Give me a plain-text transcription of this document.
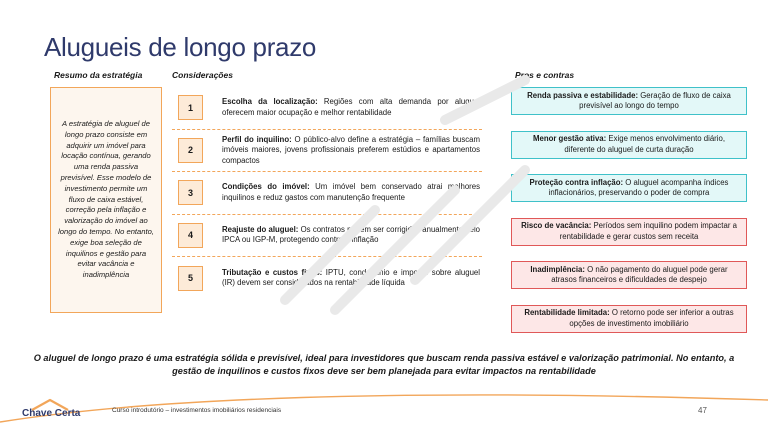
Alugueis de longo prazo
Resumo da estratégia	Considerações	Pros e contras

A estratégia de aluguel de longo prazo consiste em adquirir um imóvel para locação contínua, gerando uma renda passiva previsível. Esse modelo de investimento permite um fluxo de caixa estável, correção pela inflação e valorização do imóvel ao longo do tempo. No entanto, exige boa seleção de inquilinos e gestão para evitar vacância e inadimplência

1
Escolha da localização: Regiões com alta demanda por aluguel oferecem maior ocupação e melhor rentabilidade
2
Perfil do inquilino: O público-alvo define a estratégia – famílias buscam imóveis maiores, jovens profissionais preferem estúdios e apartamentos compactos
3
Condições do imóvel: Um imóvel bem conservado atrai melhores inquilinos e reduz gastos com manutenção frequente
4
Reajuste do aluguel: Os contratos podem ser corrigidos anualmente pelo IPCA ou IGP-M, protegendo contra a inflação
5
Tributação e custos fixos: IPTU, condomínio e imposto sobre aluguel (IR) devem ser considerados na rentabilidade líquida
Renda passiva e estabilidade: Geração de fluxo de caixa previsível ao longo do tempo
Menor gestão ativa: Exige menos envolvimento diário, diferente do aluguel de curta duração
Proteção contra inflação: O aluguel acompanha índices inflacionários, preservando o poder de compra
Risco de vacância: Períodos sem inquilino podem impactar a rentabilidade e gerar custos sem receita
Inadimplência: O não pagamento do aluguel pode gerar atrasos financeiros e dificuldades de despejo
Rentabilidade limitada: O retorno pode ser inferior a outras opções de investimento imobiliário
O aluguel de longo prazo é uma estratégia sólida e previsível, ideal para investidores que buscam renda passiva estável e valorização patrimonial. No entanto, a gestão de inquilinos e custos fixos deve ser bem planejada para evitar impactos na rentabilidade
Chave Certa	Curso introdutório – investimentos imobiliários residenciais	47
